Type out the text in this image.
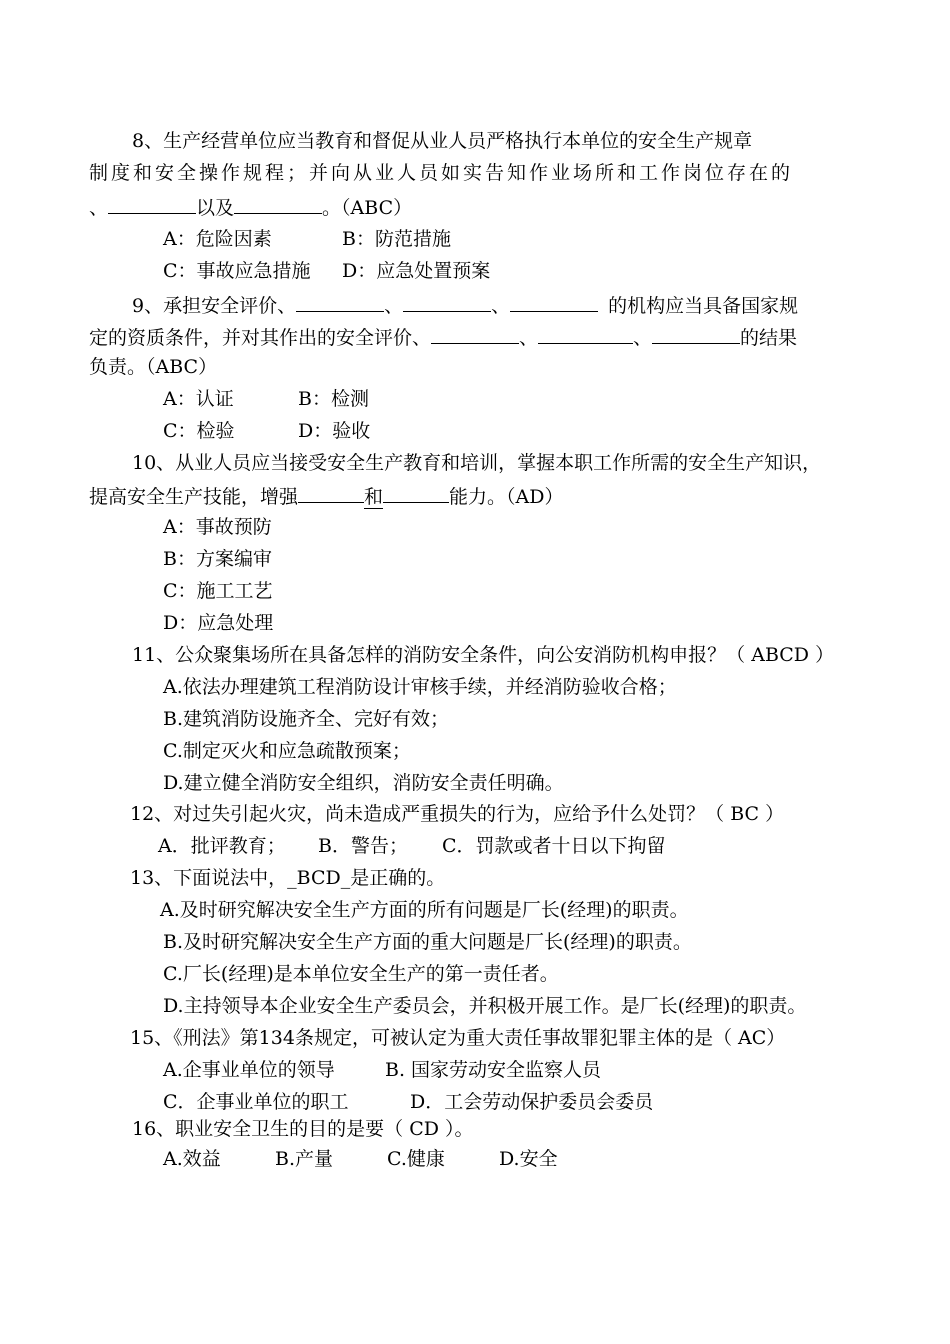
8、生产经营单位应当教育和督促从业人员严格执行本单位的安全生产规章
制度和安全操作规程；并向从业人员如实告知作业场所和工作岗位存在的
、	以及	。（ABC）
A：危险因素	B：防范措施
C：事故应急措施 D：应急处置预案
9、承担安全评价、	、	、	的机构应当具备国家规
定的资质条件，并对其作出的安全评价、	、	、	的结果
负责。（ABC）
A：认证	B：检测
C：检验	D：验收
10、从业人员应当接受安全生产教育和培训，掌握本职工作所需的安全生产知识，
提高安全生产技能，增强	和	能力。（AD）
A：事故预防
B：方案编审
C：施工工艺
D：应急处理
11、公众聚集场所在具备怎样的消防安全条件，向公安消防机构申报？（ ABCD ）
A.依法办理建筑工程消防设计审核手续，并经消防验收合格；
B.建筑消防设施齐全、完好有效；
C.制定灭火和应急疏散预案；
D.建立健全消防安全组织，消防安全责任明确。
12、对过失引起火灾，尚未造成严重损失的行为，应给予什么处罚？（ BC ）
A．批评教育； B．警告； C．罚款或者十日以下拘留
13、下面说法中，_BCD_是正确的。
A.及时研究解决安全生产方面的所有问题是厂长(经理)的职责。
B.及时研究解决安全生产方面的重大问题是厂长(经理)的职责。
C.厂长(经理)是本单位安全生产的第一责任者。
D.主持领导本企业安全生产委员会，并积极开展工作。是厂长(经理)的职责。
15、《刑法》第134条规定，可被认定为重大责任事故罪犯罪主体的是（ AC）
A.企事业单位的领导	B. 国家劳动安全监察人员
C．企事业单位的职工	D．工会劳动保护委员会委员
16、职业安全卫生的目的是要（ CD ）。
A.效益	B.产量	C.健康	D.安全
